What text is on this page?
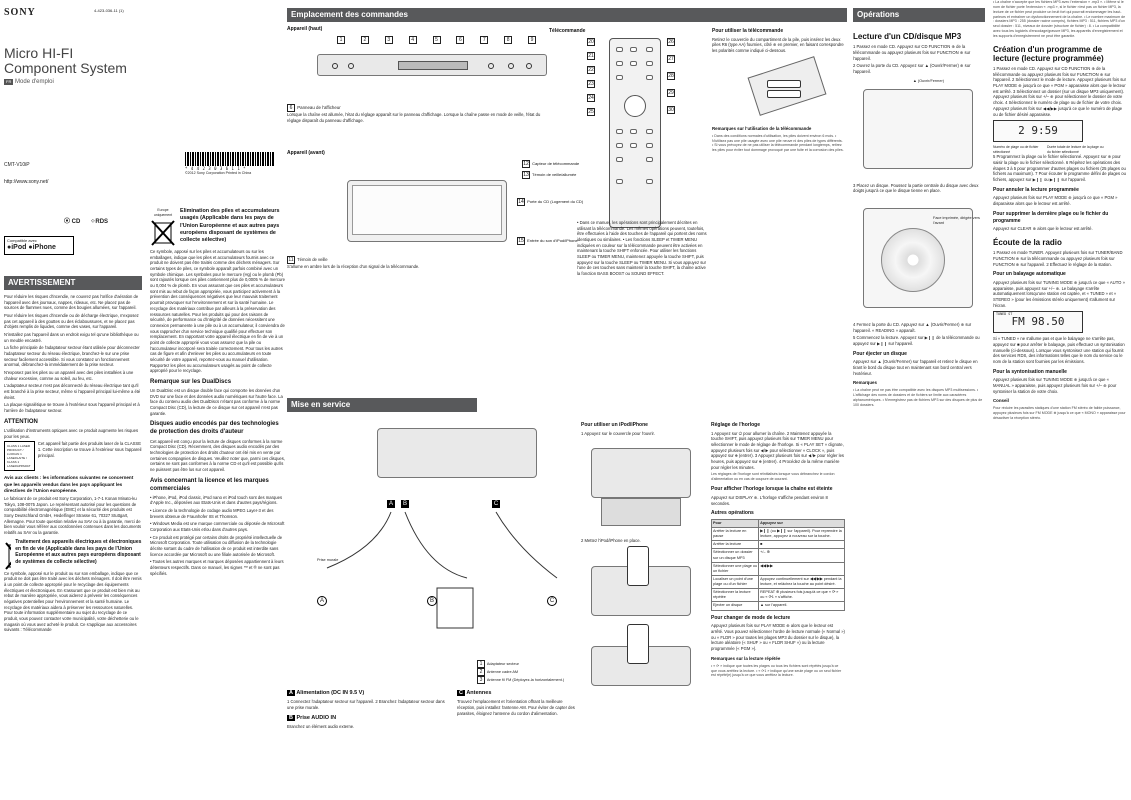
SONY	4-423-036-11 (1)
Micro HI-FI
Component System
FR Mode d'emploi
CMT-V10iP
http://www.sony.net/
⦿ CD ⁘RDS
Compatible avec
●iPod ●iPhone
AVERTISSEMENT

Pour réduire les risques d'incendie, ne couvrez pas l'orifice d'aération de l'appareil avec des journaux, nappes, rideaux, etc. Ne placez pas de sources de flammes nues, comme des bougies allumées, sur l'appareil.

Pour réduire les risques d'incendie ou de décharge électrique, n'exposez pas cet appareil à des gouttes ou des éclaboussures, et ne placez pas d'objets remplis de liquides, comme des vases, sur l'appareil.

N'installez pas l'appareil dans un endroit exigu tel qu'une bibliothèque ou un meuble encastré.

La fiche principale de l'adaptateur secteur étant utilisée pour déconnecter l'adaptateur secteur du réseau électrique, branchez-le sur une prise secteur facilement accessible. Si vous constatez un fonctionnement anormal, débranchez-la immédiatement de la prise secteur.

N'exposez pas les piles ou un appareil avec des piles installées à une chaleur excessive, comme au soleil, au feu, etc.

L'adaptateur secteur n'est pas déconnecté du réseau électrique tant qu'il est branché à la prise secteur, même si l'appareil principal lui-même a été éteint.

La plaque signalétique se trouve à l'extérieur sous l'appareil principal et à l'arrière de l'adaptateur secteur.

ATTENTION

L'utilisation d'instruments optiques avec ce produit augmente les risques pour les yeux.

CLASS 1 LASER PRODUCT / LUOKAN 1 LASERLAITE / KLASS 1 LASERAPPARAT

Cet appareil fait partie des produits laser de la CLASSE 1. Cette inscription se trouve à l'extérieur sous l'appareil principal.

Avis aux clients : les informations suivantes ne concernent que les appareils vendus dans les pays appliquant les directives de l'Union européenne.

Le fabricant de ce produit est Sony Corporation, 1-7-1 Konan Minato-ku Tokyo, 108-0075 Japon. Le représentant autorisé pour les questions de compatibilité électromagnétique (EMC) et la sécurité des produits est Sony Deutschland GmbH, Hedelfinger Strasse 61, 70327 Stuttgart, Allemagne. Pour toute question relative au SAV ou à la garantie, merci de bien vouloir vous référer aux coordonnées contenues dans les documents relatifs au SAV ou la garantie.

Traitement des appareils électriques et électroniques en fin de vie (Applicable dans les pays de l'Union Européenne et aux autres pays européens disposant de systèmes de collecte sélective)

Ce symbole, apposé sur le produit ou sur son emballage, indique que ce produit ne doit pas être traité avec les déchets ménagers. Il doit être remis à un point de collecte approprié pour le recyclage des équipements électriques et électroniques. En s'assurant que ce produit est bien mis au rebut de manière appropriée, vous aiderez à prévenir les conséquences négatives potentielles pour l'environnement et la santé humaine. Le recyclage des matériaux aidera à préserver les ressources naturelles. Pour toute information supplémentaire au sujet du recyclage de ce produit, vous pouvez contacter votre municipalité, votre déchetterie ou le magasin où vous avez acheté le produit. Ce s'applique aux accessoires suivants : Télécommande

Europe uniquement
Élimination des piles et accumulateurs usagés (Applicable dans les pays de l'Union Européenne et aux autres pays européens disposant de systèmes de collecte sélective)

Ce symbole, apposé sur les piles et accumulateurs ou sur les emballages, indique que les piles et accumulateurs fournis avec ce produit ne doivent pas être traités comme des déchets ménagers. Sur certains types de piles, ce symbole apparaît parfois combiné avec un symbole chimique. Les symboles pour le mercure (Hg) ou le plomb (Pb) sont rajoutés lorsque ces piles contiennent plus de 0,0005 % de mercure ou 0,004 % de plomb. En vous assurant que ces piles et accumulateurs sont mis au rebut de façon appropriée, vous participez activement à la prévention des conséquences négatives que leur mauvais traitement pourrait provoquer sur l'environnement et sur la santé humaine. Le recyclage des matériaux contribue par ailleurs à la préservation des ressources naturelles. Pour les produits qui pour des raisons de sécurité, de performance ou d'intégrité de données nécessitent une connexion permanente à une pile ou à un accumulateur, il conviendra de vous rapprocher d'un service technique qualifié pour effectuer son remplacement. En rapportant votre appareil électrique en fin de vie à un point de collecte approprié vous vous assurez que la pile ou l'accumulateur incorporé sera traitée correctement. Pour tous les autres cas de figure et afin d'enlever les piles ou accumulateurs en toute sécurité de votre appareil, reportez-vous au manuel d'utilisation. Rapportez les piles ou accumulateurs usagés au point de collecte approprié pour le recyclage.

Remarque sur les DualDiscs

Un DualDisc est un disque double face qui comporte les données d'un DVD sur une face et des données audio numériques sur l'autre face. La face du contenu audio des DualDiscs n'étant pas conforme à la norme Compact Disc (CD), la lecture de ce disque sur cet appareil n'est pas garantie.

Disques audio encodés par des technologies de protection des droits d'auteur

Cet appareil est conçu pour la lecture de disques conformes à la norme Compact Disc (CD). Récemment, des disques audio encodés par des technologies de protection des droits d'auteur ont été mis en vente par certaines compagnies de disques. Veuillez noter que, parmi ces disques, certains ne sont pas conformes à la norme CD et qu'il est possible qu'ils ne puissent pas être lus sur cet appareil.

Avis concernant la licence et les marques commerciales

• iPhone, iPod, iPod classic, iPod nano et iPod touch sont des marques d'Apple Inc., déposées aux Etats-Unis et dans d'autres pays/régions.

• Licence de la technologie de codage audio MPEG Layer-3 et des brevets obtenue de Fraunhofer IIS et Thomson.

• Windows Media est une marque commerciale ou déposée de Microsoft Corporation aux Etats-Unis et/ou dans d'autres pays.

• Ce produit est protégé par certains droits de propriété intellectuelle de Microsoft Corporation. Toute utilisation ou diffusion de la technologie décrite sortant du cadre de l'utilisation de ce produit est interdite sans licence accordée par Microsoft ou une filiale autorisée de Microsoft.

• Toutes les autres marques et marques déposées appartiennent à leurs détenteurs respectifs. Dans ce manuel, les signes ™ et ® ne sont pas spécifiés.

* 4 4 2 3 0 3 6 1 1 *
©2012 Sony Corporation Printed in China
Emplacement des commandes
Appareil (haut)
1	2	3	4	5	6	7	8	9
6 Panneau de l'afficheur

Lorsque la chaîne est allumée, l'état du réglage apparaît sur le panneau d'affichage. Lorsque la chaîne passe en mode de veille, l'état du réglage disparaît du panneau d'affichage.

Appareil (avant)
12 Capteur de télécommande
13 Témoin de veille/allumée
14 Porte du CD (Logement du CD)
15 Entrée du son d'iPod/iPhone
11 Témoin de veille

S'allume en ambre lors de la réception d'un signal de la télécommande.

Télécommande
20
21
22
23
24
25
26
27
28
29
30

• Dans ce manuel, les opérations sont principalement décrites en utilisant la télécommande. Les mêmes opérations peuvent, toutefois, être effectuées à l'aide des touches de l'appareil qui portent des noms identiques ou similaires. • Les fonctions SLEEP et TIMER MENU indiquées en couleur sur la télécommande peuvent être activées en maintenant la touche SHIFT enfoncée. Pour utiliser les fonctions SLEEP ou TIMER MENU, maintenez appuyée la touche SHIFT, puis appuyez sur la touche SLEEP ou TIMER MENU. Si vous appuyez sur l'une de ces touches sans maintenir la touche SHIFT, la chaîne active la fonction BASS BOOST ou SOUND EFFECT.

Pour utiliser la télécommande

Retirez le couvercle du compartiment de la pile, puis insérez les deux piles R6 (type AA) fournies, côté ⊕ en premier, en faisant correspondre les polarités comme indiqué ci-dessous.

Remarques sur l'utilisation de la télécommande

• Dans des conditions normales d'utilisation, les piles doivent environ 6 mois. • N'utilisez pas une pile usagée avec une pile neuve ni des piles de types différents. • Si vous prévoyez de ne pas utiliser la télécommande pendant longtemps, retirez les piles pour éviter tout dommage provoqué par une fuite et la corrosion des piles.

Mise en service
A	B	C
Prise murale
A	B	C
1 Adaptateur secteur
2 Antenne cadre AM
3 Antenne fil FM (Déployez-la horizontalement.)
A Alimentation (DC IN 9.5 V)

1 Connectez l'adaptateur secteur sur l'appareil. 2 Branchez l'adaptateur secteur dans une prise murale.

B Prise AUDIO IN

Branchez un élément audio externe.

C Antennes

Trouvez l'emplacement et l'orientation offrant la meilleure réception, puis installez l'antenne AM. Pour éviter de capter des parasites, éloignez l'antenne du cordon d'alimentation.

Pour utiliser un iPod/iPhone

1 Appuyez sur le couvercle pour l'ouvrir.

2 Mettez l'iPod/iPhone en place.

Réglage de l'horloge

1 Appuyez sur ⏻ pour allumer la chaîne. 2 Maintenez appuyée la touche SHIFT, puis appuyez plusieurs fois sur TIMER MENU pour sélectionner le mode de réglage de l'horloge. Si « PLAY SET » clignote, appuyez plusieurs fois sur ◀/▶ pour sélectionner « CLOCK », puis appuyez sur ⊕ (entrer). 3 Appuyez plusieurs fois sur ◀/▶ pour régler les heures, puis appuyez sur ⊕ (entrer). 4 Procédez de la même manière pour régler les minutes.

Les réglages de l'horloge sont réinitialisés lorsque vous débranchez le cordon d'alimentation ou en cas de coupure de courant.

Pour afficher l'horloge lorsque la chaîne est éteinte

Appuyez sur DISPLAY ⊕. L'horloge s'affiche pendant environ 8 secondes.

Autres opérations
Pour	Appuyez sur
Arrêter la lecture en pause	▶❙❙ (ou ▶❙❙ sur l'appareil). Pour reprendre la lecture, appuyez à nouveau sur la touche.
Arrêter la lecture	■
Sélectionner un dossier sur un disque MP3	+/– ⊕
Sélectionner une plage ou un fichier	◀◀/▶▶
Localiser un point d'une plage ou d'un fichier	Appuyez continuellement sur ◀◀/▶▶ pendant la lecture, et relâchez la touche au point désiré.
Sélectionner la lecture répétée	REPEAT ⊕ plusieurs fois jusqu'à ce que « ⟳ » ou « ⟳1 » s'affiche.
Ejecter un disque	▲ sur l'appareil.
Pour changer de mode de lecture

Appuyez plusieurs fois sur PLAY MODE ⊕ alors que le lecteur est arrêté. Vous pouvez sélectionner l'ordre de lecture normale (« Normal ») ou « FLDR » pour toutes les plages MP3 du dossier sur le disque), la lecture aléatoire (« SHUF » ou « FLDR SHUF ») ou la lecture programmée (« PGM »).

Remarques sur la lecture répétée

• « ⟳ » indique que toutes les plages ou tous les fichiers sont répétés jusqu'à ce que vous arrêtiez la lecture. • « ⟳1 » indique qu'une seule plage ou un seul fichier est répété(e) jusqu'à ce que vous arrêtiez la lecture.

Opérations
Lecture d'un CD/disque MP3

1 Passez en mode CD. Appuyez sur CD FUNCTION ⊕ de la télécommande ou appuyez plusieurs fois sur FUNCTION ⊕ sur l'appareil.

2 Ouvrez la porte du CD. Appuyez sur ▲ (Ouvrir/Fermer) ⊕ sur l'appareil.

▲ (Ouvrir/Fermer)

3 Placez un disque. Poussez la partie centrale du disque avec deux doigts jusqu'à ce que le disque tienne en place.

Face imprimée, dirigée vers l'avant

4 Fermez la porte du CD. Appuyez sur ▲ (Ouvrir/Fermer) ⊕ sur l'appareil. « READING » apparaît.

5 Commencez la lecture. Appuyez sur ▶❙❙ de la télécommande ou appuyez sur ▶❙❙ sur l'appareil.

Pour éjecter un disque

Appuyez sur ▲ (Ouvrir/Fermer) sur l'appareil et retirez le disque en tirant le bord du disque tout en maintenant son bord central vers l'extérieur.

Remarques

• La chaîne peut ne pas être compatible avec les disques MP3 multisessions. • L'affichage des noms de dossiers et de fichiers se limite aux caractères alphanumériques. • N'enregistrez pas de fichiers MP3 sur des disques de plus de 100 dossiers.

• La chaîne n'accepte que les fichiers MP3 avec l'extension « .mp3 ». • Même si le nom de fichier porte l'extension « .mp3 », si le fichier n'est pas un fichier MP3, la lecture de ce fichier peut produire un bruit fort qui pourrait endommager les haut-parleurs et entraîner un dysfonctionnement de la chaîne. • Le nombre maximum de : dossiers MP3 : 255 (dossier racine compris), fichiers MP3 : 511, fichiers MP3 d'un seul dossier : 511, niveaux de dossier (structure de fichier) : 8. • La compatibilité avec tous les logiciels d'encodage/gravure MP3, les appareils d'enregistrement et les supports d'enregistrement ne peut être garantie.

Création d'un programme de lecture (lecture programmée)

1 Passez en mode CD. Appuyez sur CD FUNCTION ⊕ de la télécommande ou appuyez plusieurs fois sur FUNCTION ⊕ sur l'appareil. 2 Sélectionnez le mode de lecture. Appuyez plusieurs fois sur PLAY MODE ⊕ jusqu'à ce que « PGM » apparaisse alors que le lecteur est arrêté. 3 Sélectionnez un dossier (sur un disque MP3 uniquement). Appuyez plusieurs fois sur +/– ⊕ pour sélectionner le dossier de votre choix. 4 Sélectionnez le numéro de plage ou de fichier de votre choix. Appuyez plusieurs fois sur ◀◀/▶▶ jusqu'à ce que le numéro de plage ou de fichier désiré apparaisse.

2 9:59
Numéro de plage ou de fichier sélectionné
Durée totale de lecture de la plage ou du fichier sélectionné

5 Programmez la plage ou le fichier sélectionné. Appuyez sur ⊕ pour saisir la plage ou le fichier sélectionné. 6 Répétez les opérations des étapes 3 à 5 pour programmer d'autres plages ou fichiers (25 plages ou fichiers au maximum). 7 Pour écouter le programme défini de plages ou fichiers, appuyez sur ▶❙❙ ou ▶❙❙ sur l'appareil.

Pour annuler la lecture programmée

Appuyez plusieurs fois sur PLAY MODE ⊕ jusqu'à ce que « PGM » disparaisse alors que le lecteur est arrêté.

Pour supprimer la dernière plage ou le fichier du programme

Appuyez sur CLEAR ⊕ alors que le lecteur est arrêté.

Écoute de la radio

1 Passez en mode TUNER. Appuyez plusieurs fois sur TUNER/BAND FUNCTION ⊕ sur la télécommande ou appuyez plusieurs fois sur FUNCTION ⊕ sur l'appareil. 2 Effectuez le réglage de la station.

Pour un balayage automatique

Appuyez plusieurs fois sur TUNING MODE ⊕ jusqu'à ce que « AUTO » apparaisse, puis appuyez sur +/– ⊕. Le balayage s'arrête automatiquement lorsqu'une station est captée, et « TUNED » et « STEREO » (pour les émissions stéréo uniquement) s'allument sur l'écran.

TUNED ST
FM 98.50

Si « TUNED » ne s'allume pas et que le balayage ne s'arrête pas, appuyez sur ■ pour arrêter le balayage, puis effectuez un syntonisation manuelle (ci-dessous). Lorsque vous syntonisez une station qui fournit des services RDS, des informations telles que le nom du service ou le nom de la station sont fournies par les émissions.

Pour la syntonisation manuelle

Appuyez plusieurs fois sur TUNING MODE ⊕ jusqu'à ce que « MANUAL » apparaisse, puis appuyez plusieurs fois sur +/– ⊕ pour syntoniser la station de votre choix.

Conseil

Pour réduire les parasites statiques d'une station FM stéréo de faible puissance, appuyez plusieurs fois sur FM MODE ⊕ jusqu'à ce que « MONO » apparaisse pour désactiver la réception stéréo.
